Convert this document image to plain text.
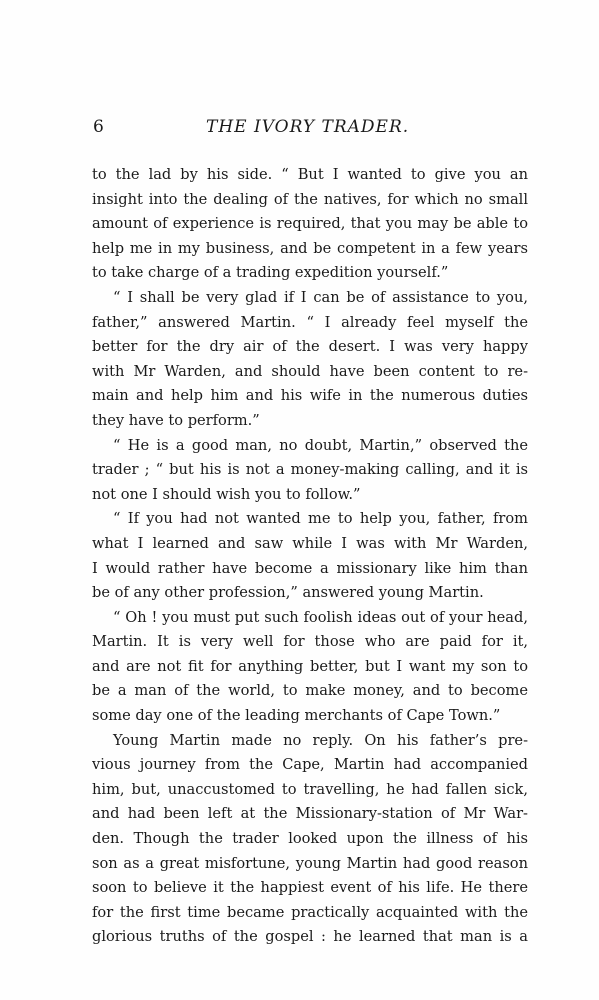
6	THE IVORY TRADER.
to the lad by his side. “ But I wanted to give you an
insight into the dealing of the natives, for which no small
amount of experience is required, that you may be able to
help me in my business, and be competent in a few years
to take charge of a trading expedition yourself.”
“ I shall be very glad if I can be of assistance to you,
father,” answered Martin. “ I already feel myself the
better for the dry air of the desert. I was very happy
with Mr Warden, and should have been content to re-
main and help him and his wife in the numerous duties
they have to perform.”
“ He is a good man, no doubt, Martin,” observed the
trader ; “ but his is not a money-making calling, and it is
not one I should wish you to follow.”
“ If you had not wanted me to help you, father, from
what I learned and saw while I was with Mr Warden,
I would rather have become a missionary like him than
be of any other profession,” answered young Martin.
“ Oh ! you must put such foolish ideas out of your head,
Martin. It is very well for those who are paid for it,
and are not fit for anything better, but I want my son to
be a man of the world, to make money, and to become
some day one of the leading merchants of Cape Town.”
Young Martin made no reply. On his father’s pre-
vious journey from the Cape, Martin had accompanied
him, but, unaccustomed to travelling, he had fallen sick,
and had been left at the Missionary-station of Mr War-
den. Though the trader looked upon the illness of his
son as a great misfortune, young Martin had good reason
soon to believe it the happiest event of his life. He there
for the first time became practically acquainted with the
glorious truths of the gospel : he learned that man is a
